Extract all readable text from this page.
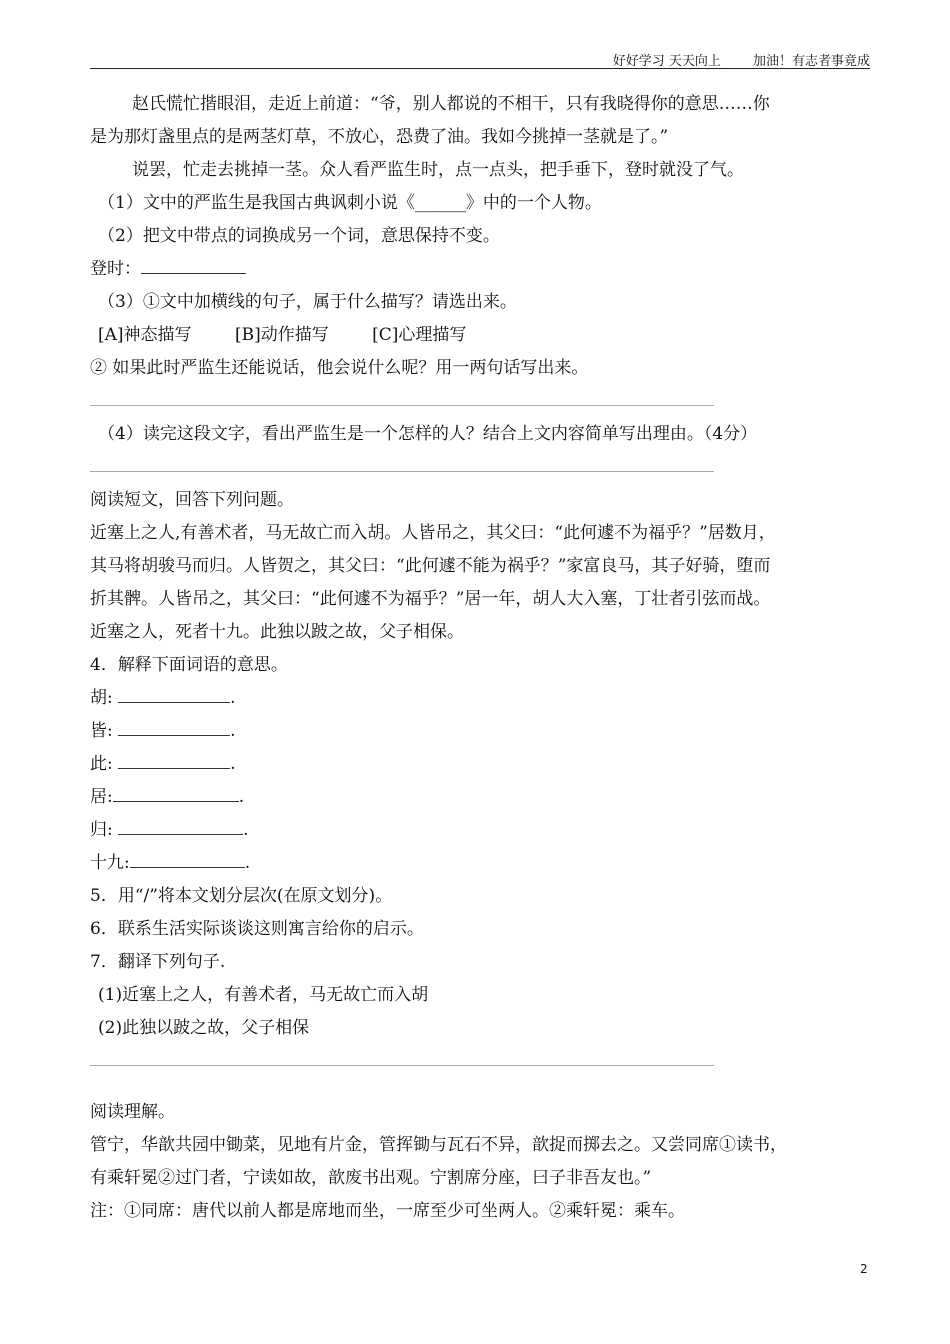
好好学习 天天向上 加油！有志者事竟成
赵氏慌忙揩眼泪，走近上前道：“爷，别人都说的不相干，只有我晓得你的意思……你
是为那灯盏里点的是两茎灯草，不放心，恐费了油。我如今挑掉一茎就是了。”
说罢，忙走去挑掉一茎。众人看严监生时，点一点头，把手垂下，登时就没了气。
（1）文中的严监生是我国古典讽刺小说《______》中的一个人物。
（2）把文中带点的词换成另一个词，意思保持不变。
登时：
（3）①文中加横线的句子，属于什么描写？请选出来。
[A]神态描写	[B]动作描写	[C]心理描写
② 如果此时严监生还能说话，他会说什么呢？用一两句话写出来。
（4）读完这段文字，看出严监生是一个怎样的人？结合上文内容简单写出理由。（4分）
阅读短文，回答下列问题。
近塞上之人,有善术者，马无故亡而入胡。人皆吊之，其父曰：“此何遽不为福乎？”居数月，
其马将胡骏马而归。人皆贺之，其父曰：“此何遽不能为祸乎？”家富良马，其子好骑，堕而
折其髀。人皆吊之，其父曰：“此何遽不为福乎？”居一年，胡人大入塞，丁壮者引弦而战。
近塞之人，死者十九。此独以跛之故，父子相保。
4．解释下面词语的意思。
胡:	.
皆:	.
此:	.
居:	.
归:	.
十九:	.
5．用“/”将本文划分层次(在原文划分)。
6．联系生活实际谈谈这则寓言给你的启示。
7．翻译下列句子.
(1)近塞上之人，有善术者，马无故亡而入胡
(2)此独以跛之故，父子相保
阅读理解。
管宁，华歆共园中锄菜，见地有片金，管挥锄与瓦石不异，歆捉而掷去之。又尝同席①读书，
有乘轩冕②过门者，宁读如故，歆废书出观。宁割席分座，曰子非吾友也。”
注：①同席：唐代以前人都是席地而坐，一席至少可坐两人。②乘轩冕：乘车。
2
